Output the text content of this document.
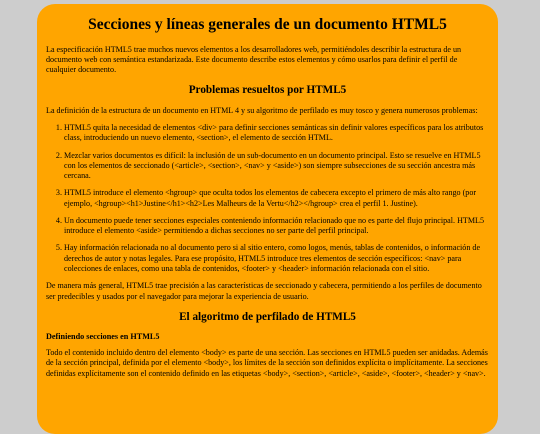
Secciones y líneas generales de un documento HTML5

La especificación HTML5 trae muchos nuevos elementos a los desarrolladores web, permitiéndoles describir la estructura de un documento web con semántica estandarizada. Este documento describe estos elementos y cómo usarlos para definir el perfil de cualquier documento.

Problemas resueltos por HTML5

La definición de la estructura de un documento en HTML 4 y su algoritmo de perfilado es muy tosco y genera numerosos problemas:

1. HTML5 quita la necesidad de elementos <div> para definir secciones semánticas sin definir valores específicos para los atributos class, introduciendo un nuevo elemento, <section>, el elemento de sección HTML.
2. Mezclar varios documentos es difícil: la inclusión de un sub-documento en un documento principal. Esto se resuelve en HTML5 con los elementos de seccionado (<article>, <section>, <nav> y <aside>) son siempre subsecciones de su sección ancestra más cercana.
3. HTML5 introduce el elemento <hgroup> que oculta todos los elementos de cabecera excepto el primero de más alto rango (por ejemplo, <hgroup><h1>Justine</h1><h2>Les Malheurs de la Vertu</h2></hgroup> crea el perfil 1. Justine).
4. Un documento puede tener secciones especiales conteniendo información relacionado que no es parte del flujo principal. HTML5 introduce el elemento <aside> permitiendo a dichas secciones no ser parte del perfil principal.
5. Hay información relacionada no al documento pero si al sitio entero, como logos, menús, tablas de contenidos, o información de derechos de autor y notas legales. Para ese propósito, HTML5 introduce tres elementos de sección específicos: <nav> para colecciones de enlaces, como una tabla de contenidos, <footer> y <header> información relacionada con el sitio.

De manera más general, HTML5 trae precisión a las características de seccionado y cabecera, permitiendo a los perfiles de documento ser predecibles y usados por el navegador para mejorar la experiencia de usuario.

El algoritmo de perfilado de HTML5
Definiendo secciones en HTML5

Todo el contenido incluido dentro del elemento <body> es parte de una sección. Las secciones en HTML5 pueden ser anidadas. Además de la sección principal, definida por el elemento <body>, los límites de la sección son definidos explícita o implícitamente. La secciones definidas explícitamente son el contenido definido en las etiquetas <body>, <section>, <article>, <aside>, <footer>, <header> y <nav>.
